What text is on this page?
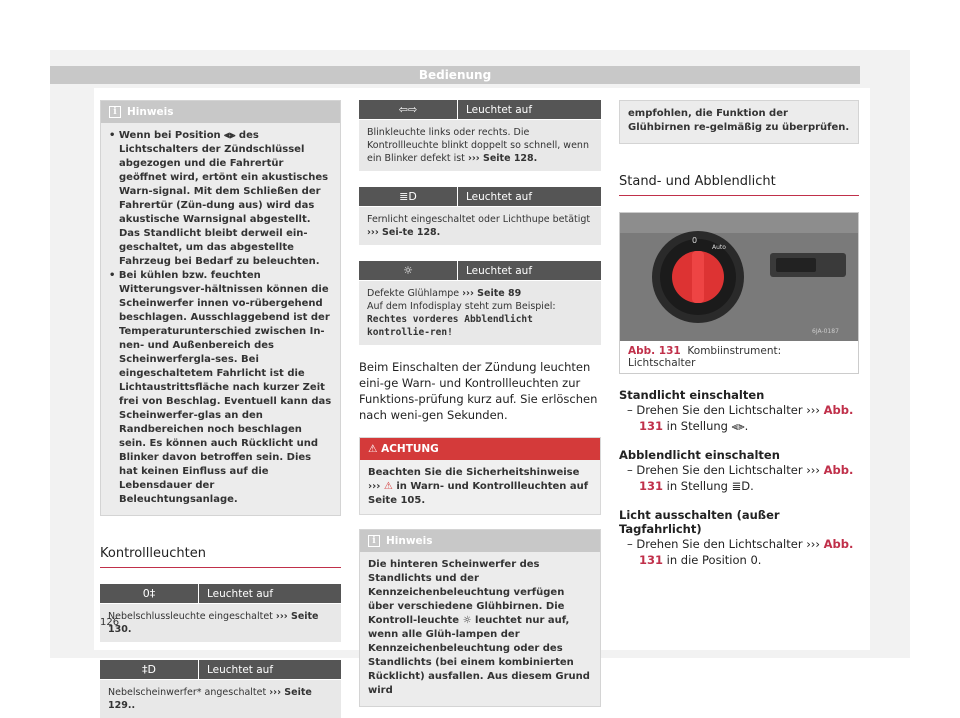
Bedienung
i Hinweis

• Wenn bei Position ⫷⫸ des Lichtschalters der Zündschlüssel abgezogen und die Fahrertür geöffnet wird, ertönt ein akustisches Warn-signal. Mit dem Schließen der Fahrertür (Zün-dung aus) wird das akustische Warnsignal abgestellt. Das Standlicht bleibt derweil ein-geschaltet, um das abgestellte Fahrzeug bei Bedarf zu beleuchten.

• Bei kühlen bzw. feuchten Witterungsver-hältnissen können die Scheinwerfer innen vo-rübergehend beschlagen. Ausschlaggebend ist der Temperaturunterschied zwischen In-nen- und Außenbereich des Scheinwerfergla-ses. Bei eingeschaltetem Fahrlicht ist die Lichtaustrittsfläche nach kurzer Zeit frei von Beschlag. Eventuell kann das Scheinwerfer-glas an den Randbereichen noch beschlagen sein. Es können auch Rücklicht und Blinker davon betroffen sein. Dies hat keinen Einfluss auf die Lebensdauer der Beleuchtungsanlage.

Kontrollleuchten
0‡	Leuchtet auf
Nebelschlussleuchte eingeschaltet ››› Seite 130.
‡D	Leuchtet auf
Nebelscheinwerfer* angeschaltet ››› Seite 129..
⇦⇨	Leuchtet auf
Blinkleuchte links oder rechts. Die Kontrollleuchte blinkt doppelt so schnell, wenn ein Blinker defekt ist ››› Seite 128.
≣D	Leuchtet auf
Fernlicht eingeschaltet oder Lichthupe betätigt ››› Sei-te 128.
☼	Leuchtet auf
Defekte Glühlampe ››› Seite 89
Auf dem Infodisplay steht zum Beispiel:
Rechtes vorderes Abblendlicht kontrollie-ren!

Beim Einschalten der Zündung leuchten eini-ge Warn- und Kontrollleuchten zur Funktions-prüfung kurz auf. Sie erlöschen nach weni-gen Sekunden.

⚠ ACHTUNG
Beachten Sie die Sicherheitshinweise ››› ⚠ in Warn- und Kontrollleuchten auf Seite 105.
i Hinweis
Die hinteren Scheinwerfer des Standlichts und der Kennzeichenbeleuchtung verfügen über verschiedene Glühbirnen. Die Kontroll-leuchte ☼ leuchtet nur auf, wenn alle Glüh-lampen der Kennzeichenbeleuchtung oder des Standlichts (bei einem kombinierten Rücklicht) ausfallen. Aus diesem Grund wird
empfohlen, die Funktion der Glühbirnen re-gelmäßig zu überprüfen.
Stand- und Abblendlicht
0
Auto
6JA-0187
Abb. 131 Kombiinstrument: Lichtschalter
Standlicht einschalten

– Drehen Sie den Lichtschalter ››› Abb. 131 in Stellung ⫷⫸.

Abblendlicht einschalten

– Drehen Sie den Lichtschalter ››› Abb. 131 in Stellung ≣D.

Licht ausschalten (außer Tagfahrlicht)

– Drehen Sie den Lichtschalter ››› Abb. 131 in die Position 0.

126
